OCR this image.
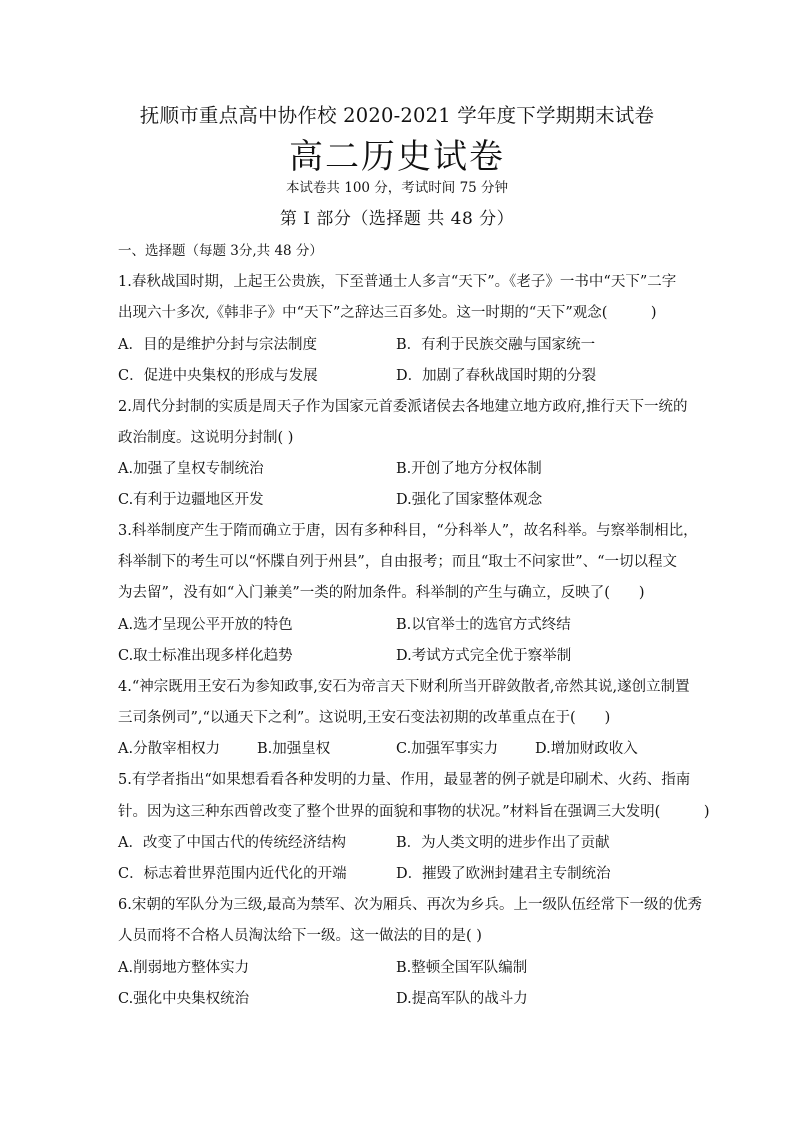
抚顺市重点高中协作校 2020-2021 学年度下学期期末试卷
高二历史试卷
本试卷共 100 分，考试时间 75 分钟
第 I 部分（选择题 共 48 分）
一、选择题（每题 3分,共 48 分）
1.春秋战国时期，上起王公贵族，下至普通士人多言“天下”。《老子》一书中“天下”二字
出现六十多次,《韩非子》中“天下”之辞达三百多处。这一时期的“天下”观念(　　　)
A．目的是维护分封与宗法制度	B．有利于民族交融与国家统一
C．促进中央集权的形成与发展	D．加剧了春秋战国时期的分裂
2.周代分封制的实质是周天子作为国家元首委派诸侯去各地建立地方政府,推行天下一统的
政治制度。这说明分封制( )
A.加强了皇权专制统治	B.开创了地方分权体制
C.有利于边疆地区开发	D.强化了国家整体观念
3.科举制度产生于隋而确立于唐，因有多种科目，“分科举人”，故名科举。与察举制相比，
科举制下的考生可以“怀牒自列于州县”，自由报考；而且“取士不问家世”、“一切以程文
为去留”，没有如“入门兼美”一类的附加条件。科举制的产生与确立，反映了(　　)
A.选才呈现公平开放的特色	B.以官举士的选官方式终结
C.取士标准出现多样化趋势	D.考试方式完全优于察举制
4.“神宗既用王安石为参知政事,安石为帝言天下财利所当开辟敛散者,帝然其说,遂创立制置
三司条例司”,“以通天下之利”。这说明,王安石变法初期的改革重点在于(　　)
A.分散宰相权力	B.加强皇权	C.加强军事实力	D.增加财政收入
5.有学者指出“如果想看看各种发明的力量、作用，最显著的例子就是印刷术、火药、指南
针。因为这三种东西曾改变了整个世界的面貌和事物的状况。”材料旨在强调三大发明(　　　)
A．改变了中国古代的传统经济结构	B．为人类文明的进步作出了贡献
C．标志着世界范围内近代化的开端	D．摧毁了欧洲封建君主专制统治
6.宋朝的军队分为三级,最高为禁军、次为厢兵、再次为乡兵。上一级队伍经常下一级的优秀
人员而将不合格人员淘汰给下一级。这一做法的目的是( )
A.削弱地方整体实力	B.整顿全国军队编制
C.强化中央集权统治	D.提高军队的战斗力
